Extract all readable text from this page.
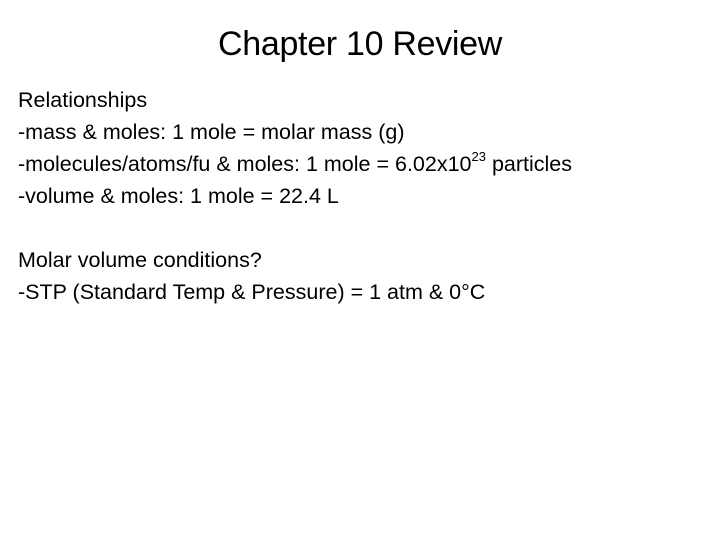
Chapter 10 Review
Relationships
-mass & moles: 1 mole = molar mass (g)
-molecules/atoms/fu & moles: 1 mole = $6.02x10^{23}$ particles
-volume & moles: 1 mole = 22.4 L
Molar volume conditions?
-STP (Standard Temp & Pressure) = 1 atm & 0°C
